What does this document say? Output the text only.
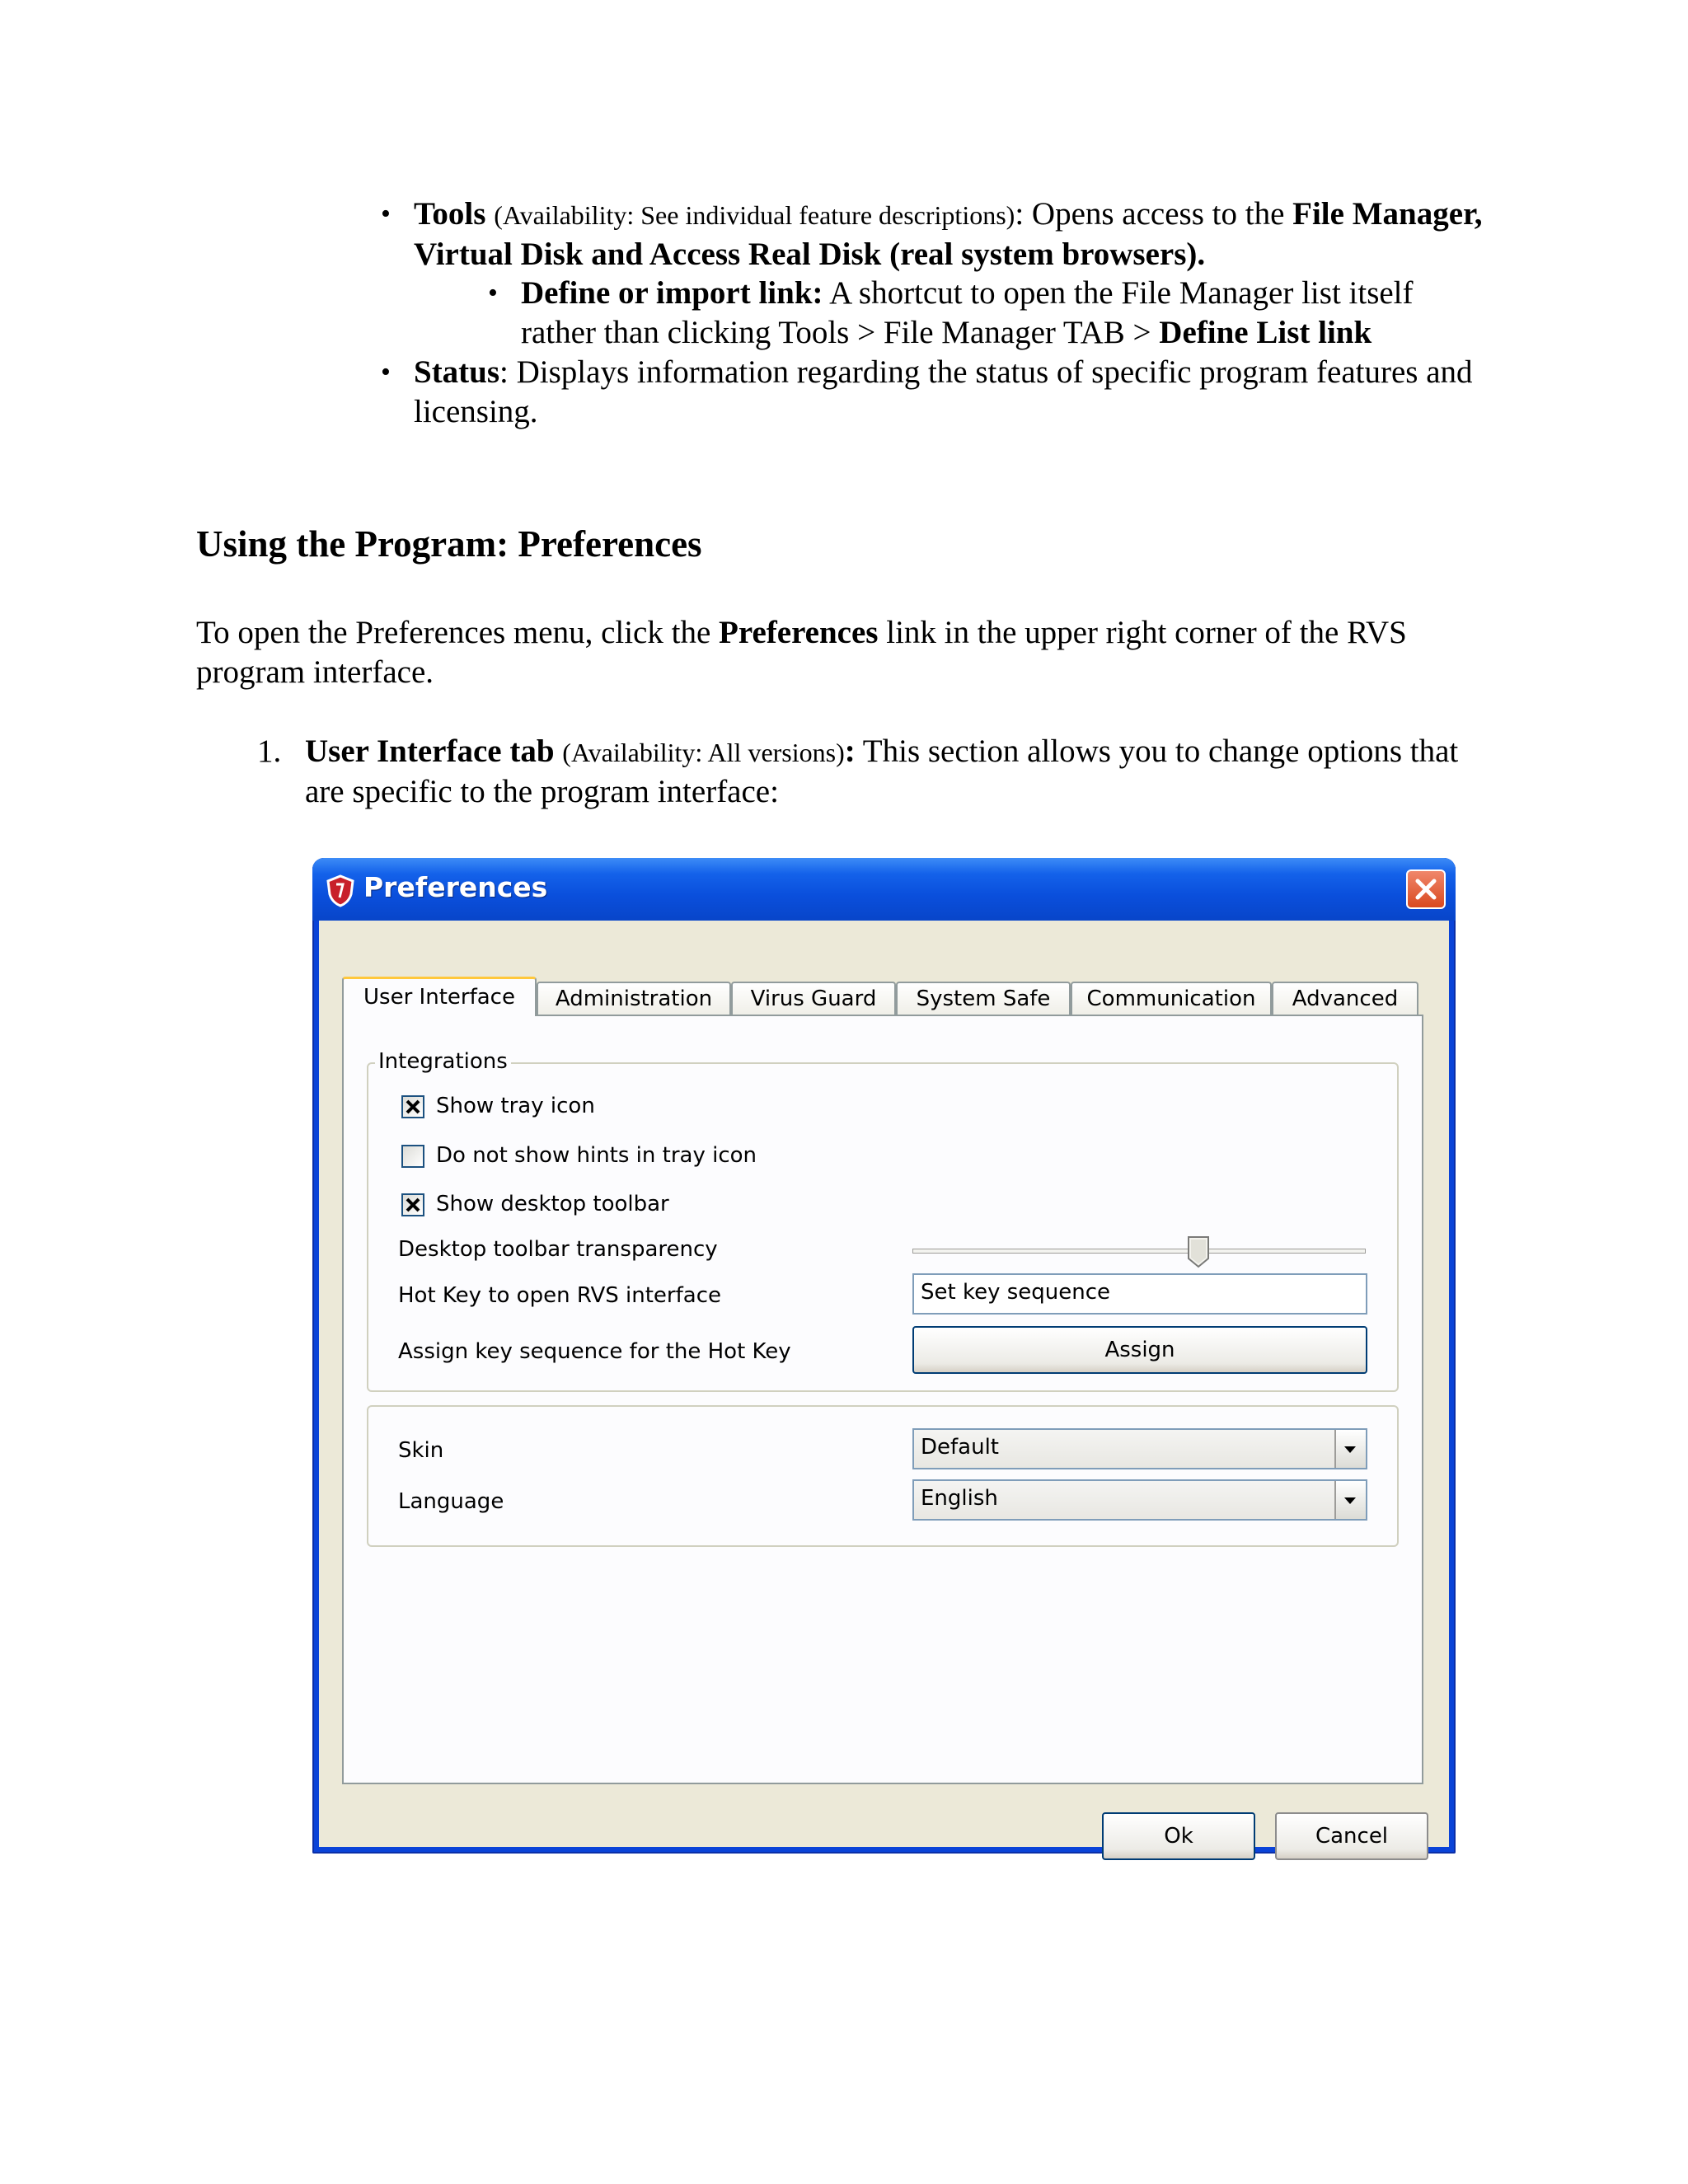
• Tools (Availability: See individual feature descriptions): Opens access to the File Manager, Virtual Disk and Access Real Disk (real system browsers).
• Define or import link: A shortcut to open the File Manager list itself rather than clicking Tools > File Manager TAB > Define List link
• Status: Displays information regarding the status of specific program features and licensing.
Using the Program: Preferences
To open the Preferences menu, click the Preferences link in the upper right corner of the RVS program interface.
1. User Interface tab (Availability: All versions): This section allows you to change options that are specific to the program interface:
Preferences
User Interface	Administration	Virus Guard	System Safe	Communication	Advanced
Integrations
Show tray icon
Do not show hints in tray icon
Show desktop toolbar
Desktop toolbar transparency
Hot Key to open RVS interface	Set key sequence
Assign key sequence for the Hot Key	Assign
Skin	Default
Language	English
Ok	Cancel
